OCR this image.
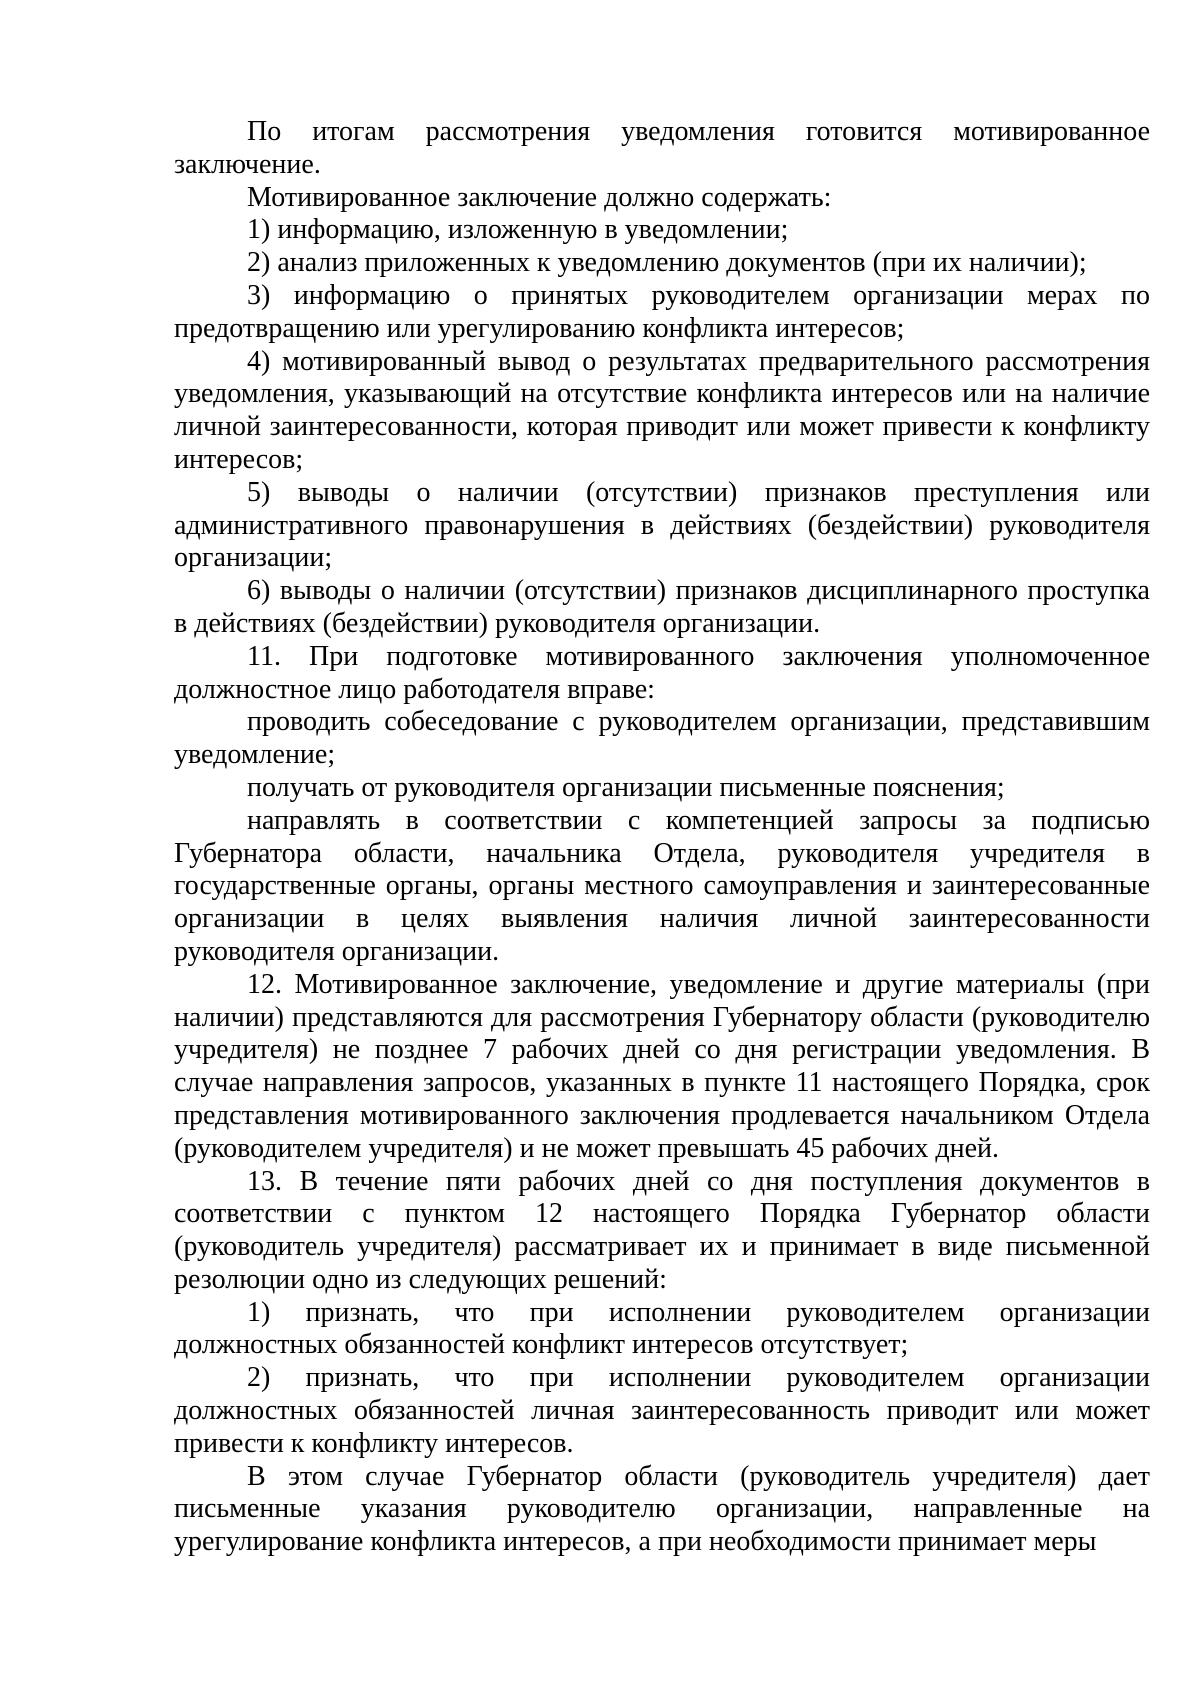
По итогам рассмотрения уведомления готовится мотивированное заключение.

Мотивированное заключение должно содержать:

1) информацию, изложенную в уведомлении;

2) анализ приложенных к уведомлению документов (при их наличии);

3) информацию о принятых руководителем организации мерах по предотвращению или урегулированию конфликта интересов;

4) мотивированный вывод о результатах предварительного рассмотрения уведомления, указывающий на отсутствие конфликта интересов или на наличие личной заинтересованности, которая приводит или может привести к конфликту интересов;

5) выводы о наличии (отсутствии) признаков преступления или административного правонарушения в действиях (бездействии) руководителя организации;

6) выводы о наличии (отсутствии) признаков дисциплинарного проступка в действиях (бездействии) руководителя организации.

11. При подготовке мотивированного заключения уполномоченное должностное лицо работодателя вправе:

проводить собеседование с руководителем организации, представившим уведомление;

получать от руководителя организации письменные пояснения;

направлять в соответствии с компетенцией запросы за подписью Губернатора области, начальника Отдела, руководителя учредителя в государственные органы, органы местного самоуправления и заинтересованные организации в целях выявления наличия личной заинтересованности руководителя организации.

12. Мотивированное заключение, уведомление и другие материалы (при наличии) представляются для рассмотрения Губернатору области (руководителю учредителя) не позднее 7 рабочих дней со дня регистрации уведомления. В случае направления запросов, указанных в пункте 11 настоящего Порядка, срок представления мотивированного заключения продлевается начальником Отдела (руководителем учредителя) и не может превышать 45 рабочих дней.

13. В течение пяти рабочих дней со дня поступления документов в соответствии с пунктом 12 настоящего Порядка Губернатор области (руководитель учредителя) рассматривает их и принимает в виде письменной резолюции одно из следующих решений:

1) признать, что при исполнении руководителем организации должностных обязанностей конфликт интересов отсутствует;

2) признать, что при исполнении руководителем организации должностных обязанностей личная заинтересованность приводит или может привести к конфликту интересов.

В этом случае Губернатор области (руководитель учредителя) дает письменные указания руководителю организации, направленные на урегулирование конфликта интересов, а при необходимости принимает меры
